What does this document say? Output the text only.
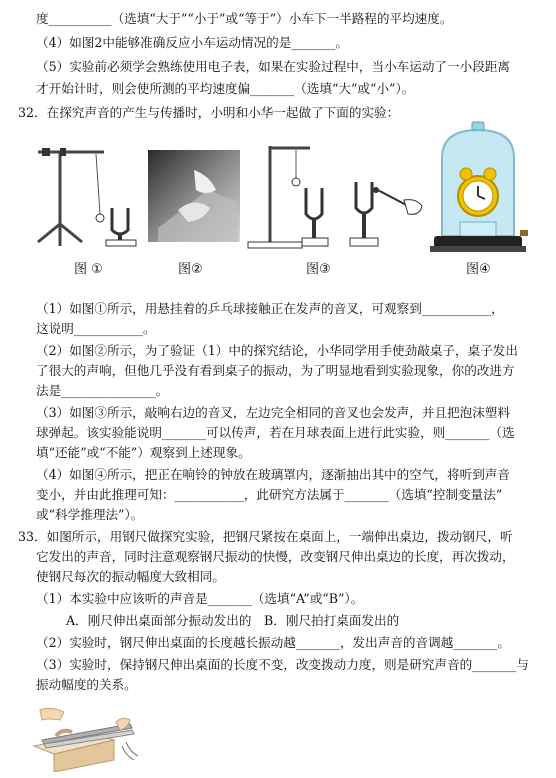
度__________（选填“大于”“小于”或“等于”）小车下一半路程的平均速度。
（4）如图2中能够准确反应小车运动情况的是_______。
（5）实验前必须学会熟练使用电子表，如果在实验过程中，当小车运动了一小段距离
才开始计时，则会使所测的平均速度偏_______（选填“大”或“小”）。
32．在探究声音的产生与传播时，小明和小华一起做了下面的实验：
图 ①	图②	图③	图④
（1）如图①所示，用悬挂着的乒乓球接触正在发声的音叉，可观察到___________，
这说明___________。
（2）如图②所示，为了验证（1）中的探究结论，小华同学用手使劲敲桌子，桌子发出
了很大的声响，但他几乎没有看到桌子的振动，为了明显地看到实验现象，你的改进方
法是_______________。
（3）如图③所示，敲响右边的音叉，左边完全相同的音叉也会发声，并且把泡沫塑料
球弹起。该实验能说明_______可以传声，若在月球表面上进行此实验，则_______（选
填“还能”或“不能”）观察到上述现象。
（4）如图④所示，把正在响铃的钟放在玻璃罩内，逐渐抽出其中的空气，将听到声音
变小，并由此推理可知：___________，此研究方法属于_______（选填“控制变量法”
或“科学推理法”）。
33．如图所示，用钢尺做探究实验，把钢尺紧按在桌面上，一端伸出桌边，拨动钢尺，听
它发出的声音，同时注意观察钢尺振动的快慢，改变钢尺伸出桌边的长度，再次拨动，
使钢尺每次的振动幅度大致相同。
（1）本实验中应该听的声音是_______（选填“A”或“B”）。
A．刚尺伸出桌面部分振动发出的　B．刚尺拍打桌面发出的
（2）实验时，钢尺伸出桌面的长度越长振动越_______，发出声音的音调越_______。
（3）实验时，保持钢尺伸出桌面的长度不变，改变拨动力度，则是研究声音的_______与
振动幅度的关系。
